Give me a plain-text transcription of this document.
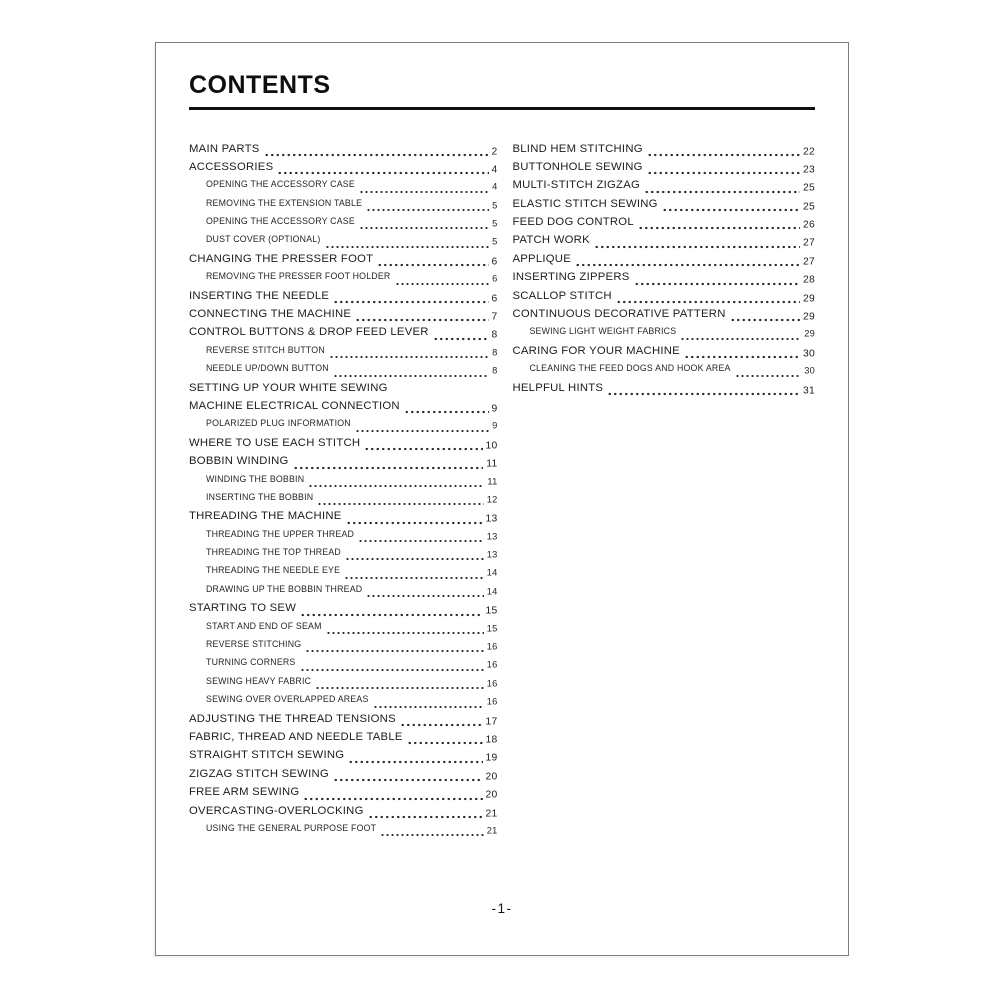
CONTENTS
MAIN PARTS	2
ACCESSORIES	4
OPENING THE ACCESSORY CASE	4
REMOVING THE EXTENSION TABLE	5
OPENING THE ACCESSORY CASE	5
DUST COVER (OPTIONAL)	5
CHANGING THE PRESSER FOOT	6
REMOVING THE PRESSER FOOT HOLDER	6
INSERTING THE NEEDLE	6
CONNECTING THE MACHINE	7
CONTROL BUTTONS & DROP FEED LEVER	8
REVERSE STITCH BUTTON	8
NEEDLE UP/DOWN BUTTON	8
SETTING UP YOUR WHITE SEWING
MACHINE ELECTRICAL CONNECTION	9
POLARIZED PLUG INFORMATION	9
WHERE TO USE EACH STITCH	10
BOBBIN WINDING	11
WINDING THE BOBBIN	11
INSERTING THE BOBBIN	12
THREADING THE MACHINE	13
THREADING THE UPPER THREAD	13
THREADING THE TOP THREAD	13
THREADING THE NEEDLE EYE	14
DRAWING UP THE BOBBIN THREAD	14
STARTING TO SEW	15
START AND END OF SEAM	15
REVERSE STITCHING	16
TURNING CORNERS	16
SEWING HEAVY FABRIC	16
SEWING OVER OVERLAPPED AREAS	16
ADJUSTING THE THREAD TENSIONS	17
FABRIC, THREAD AND NEEDLE TABLE	18
STRAIGHT STITCH SEWING	19
ZIGZAG STITCH SEWING	20
FREE ARM SEWING	20
OVERCASTING-OVERLOCKING	21
USING THE GENERAL PURPOSE FOOT	21
BLIND HEM STITCHING	22
BUTTONHOLE SEWING	23
MULTI-STITCH ZIGZAG	25
ELASTIC STITCH SEWING	25
FEED DOG CONTROL	26
PATCH WORK	27
APPLIQUE	27
INSERTING ZIPPERS	28
SCALLOP STITCH	29
CONTINUOUS DECORATIVE PATTERN	29
SEWING LIGHT WEIGHT FABRICS	29
CARING FOR YOUR MACHINE	30
CLEANING THE FEED DOGS AND HOOK AREA	30
HELPFUL HINTS	31
-1-
